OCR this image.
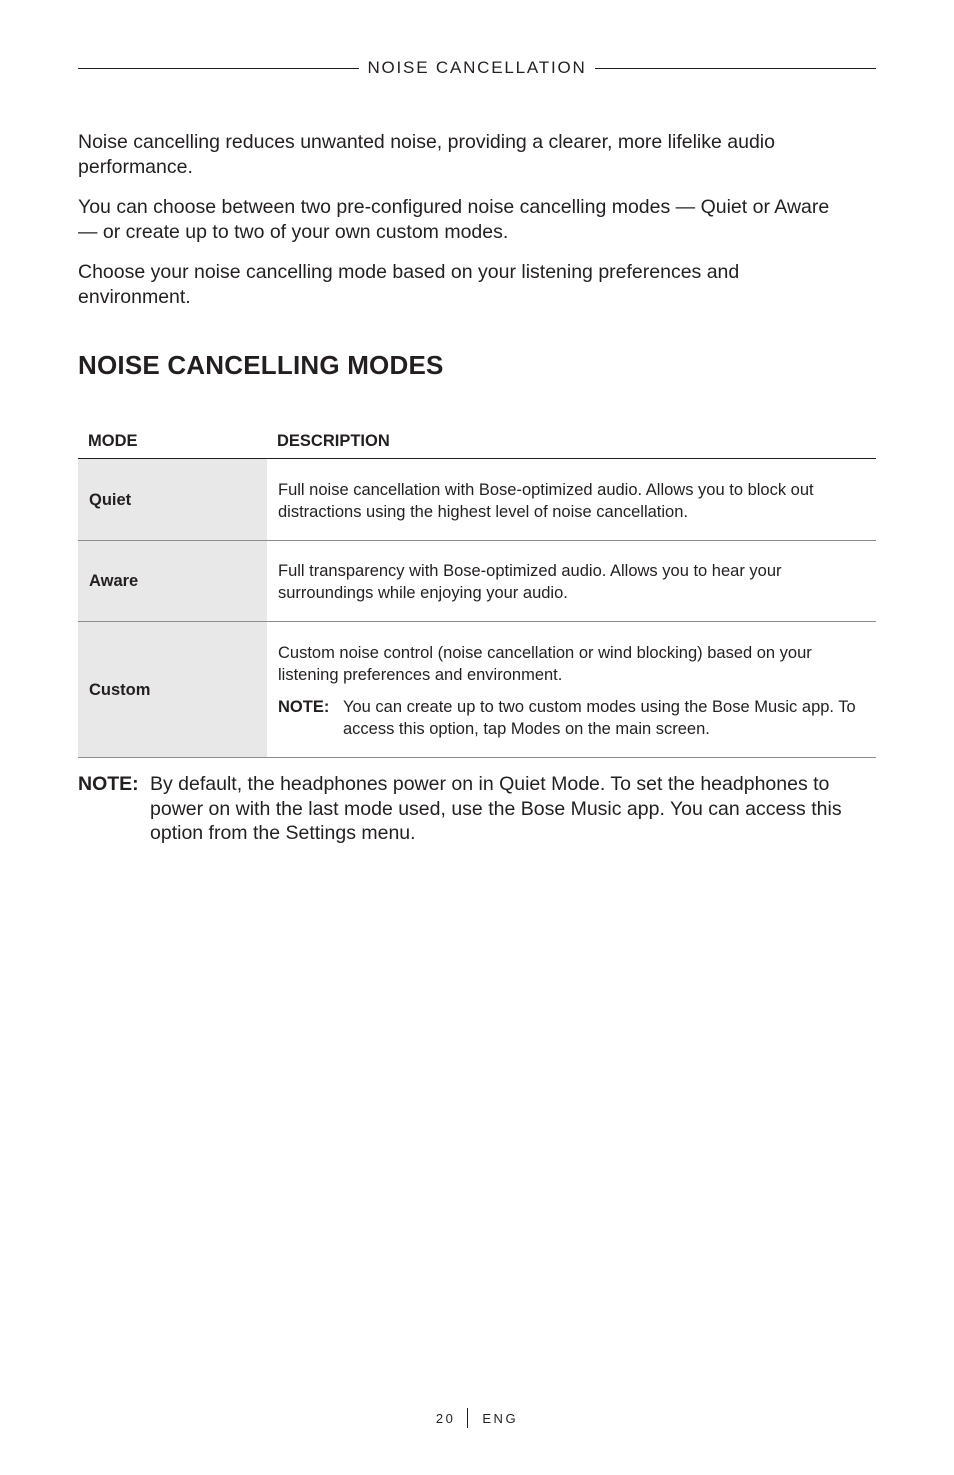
NOISE CANCELLATION

Noise cancelling reduces unwanted noise, providing a clearer, more lifelike audio performance.

You can choose between two pre-configured noise cancelling modes — Quiet or Aware — or create up to two of your own custom modes.

Choose your noise cancelling mode based on your listening preferences and environment.

NOISE CANCELLING MODES
MODE	DESCRIPTION
Quiet	Full noise cancellation with Bose-optimized audio. Allows you to block out distractions using the highest level of noise cancellation.

Aware	Full transparency with Bose-optimized audio. Allows you to hear your surroundings while enjoying your audio.

Custom	Custom noise control (noise cancellation or wind blocking) based on your listening preferences and environment.

NOTE: You can create up to two custom modes using the Bose Music app. To access this option, tap Modes on the main screen.
NOTE: By default, the headphones power on in Quiet Mode. To set the headphones to power on with the last mode used, use the Bose Music app. You can access this option from the Settings menu.
20 ENG
